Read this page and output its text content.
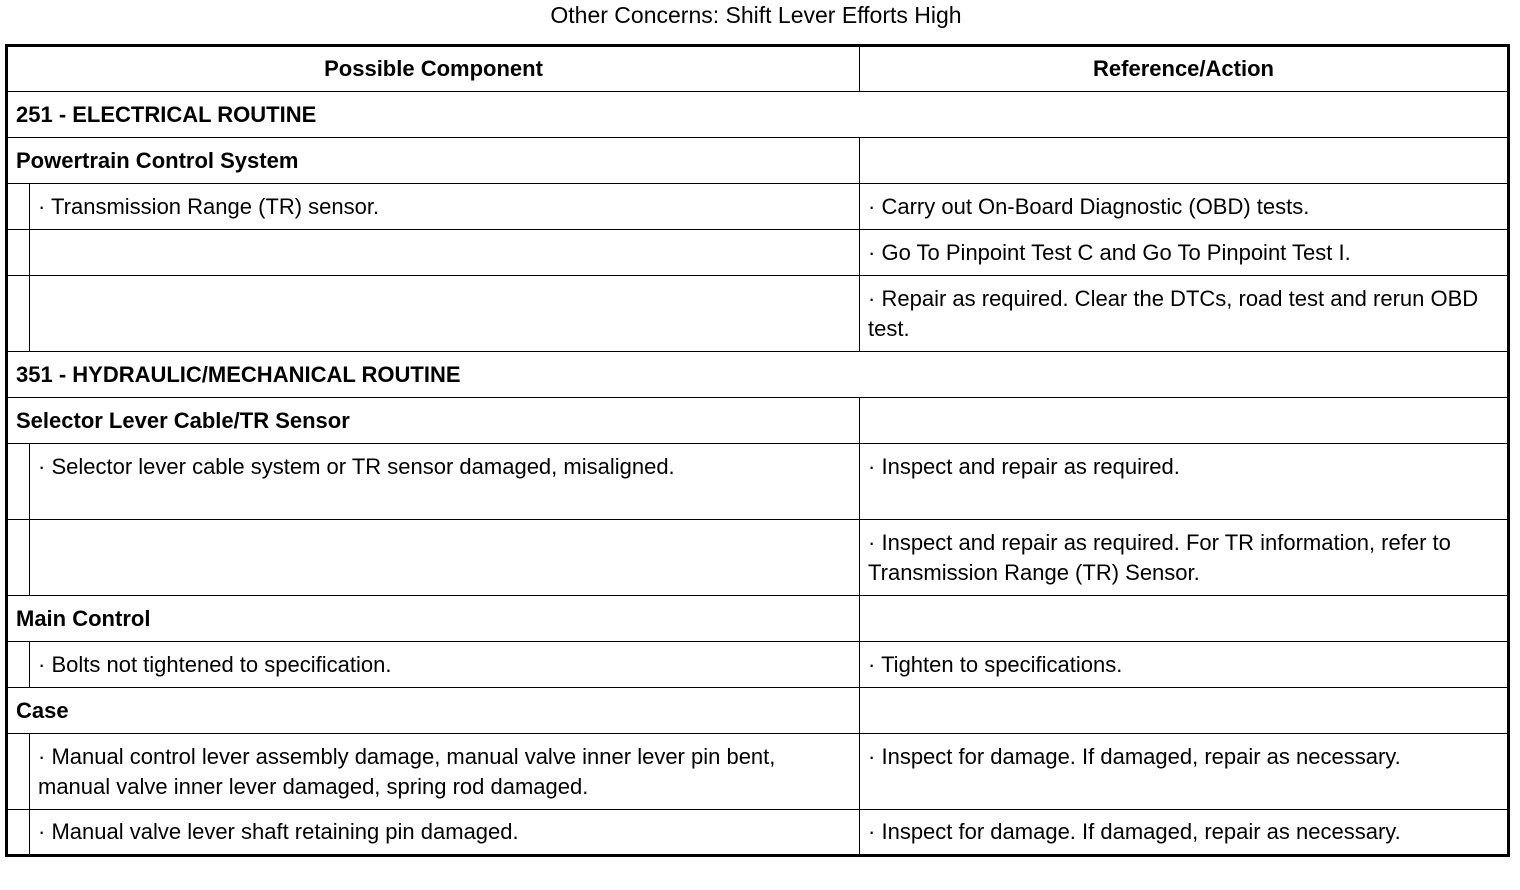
Other Concerns: Shift Lever Efforts High
Possible Component		Reference/Action
251 - ELECTRICAL ROUTINE		
Powertrain Control System		
	· Transmission Range (TR) sensor.	· Carry out On-Board Diagnostic (OBD) tests.
		· Go To Pinpoint Test C and Go To Pinpoint Test I.
		· Repair as required. Clear the DTCs, road test and rerun OBD test.
351 - HYDRAULIC/MECHANICAL ROUTINE		
Selector Lever Cable/TR Sensor		
	· Selector lever cable system or TR sensor damaged, misaligned.	· Inspect and repair as required.
		· Inspect and repair as required. For TR information, refer to Transmission Range (TR) Sensor.
Main Control		
	· Bolts not tightened to specification.	· Tighten to specifications.
Case		
	· Manual control lever assembly damage, manual valve inner lever pin bent, manual valve inner lever damaged, spring rod damaged.	· Inspect for damage. If damaged, repair as necessary.
	· Manual valve lever shaft retaining pin damaged.	· Inspect for damage. If damaged, repair as necessary.
